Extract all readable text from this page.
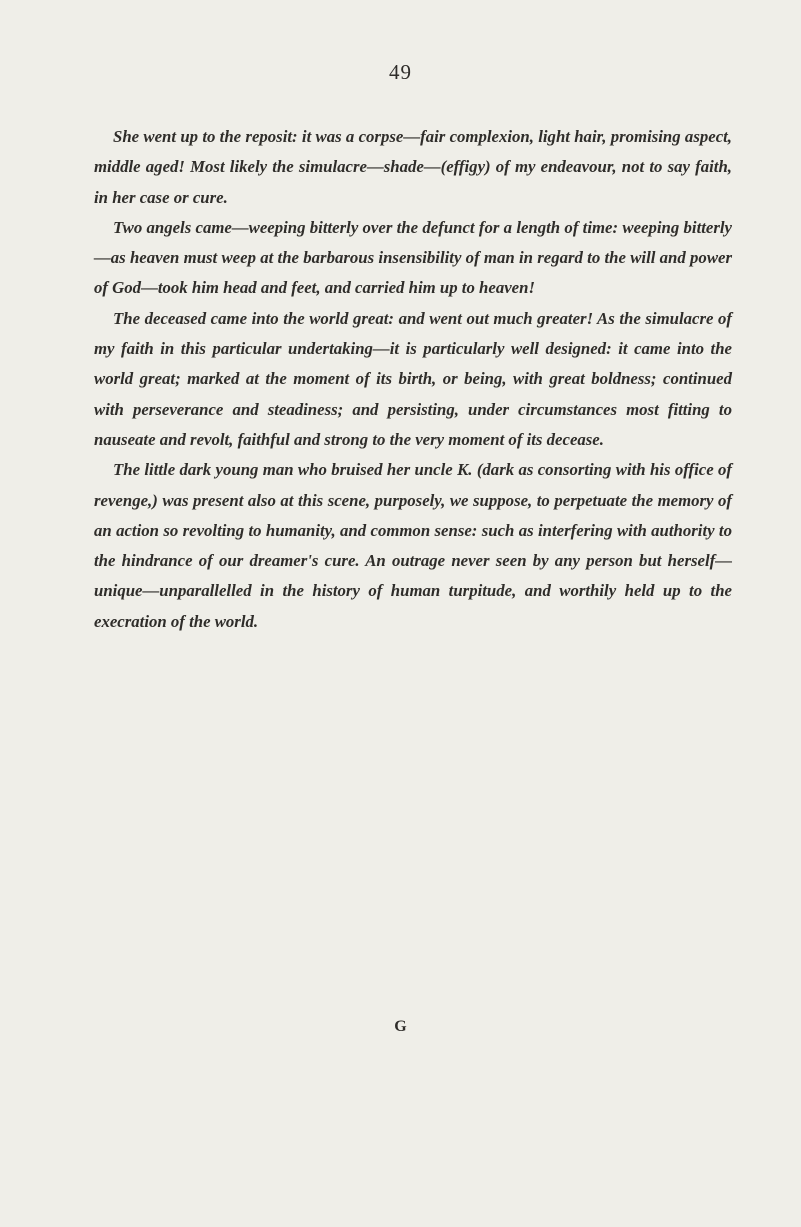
49

She went up to the reposit: it was a corpse—fair complexion, light hair, promising aspect, middle aged! Most likely the simulacre—shade—(effigy) of my endeavour, not to say faith, in her case or cure.

Two angels came—weeping bitterly over the defunct for a length of time: weeping bitterly—as heaven must weep at the barbarous insensibility of man in regard to the will and power of God—took him head and feet, and carried him up to heaven!

The deceased came into the world great: and went out much greater! As the simulacre of my faith in this particular undertaking—it is particularly well designed: it came into the world great; marked at the moment of its birth, or being, with great boldness; continued with perseverance and steadiness; and persisting, under circumstances most fitting to nauseate and revolt, faithful and strong to the very moment of its decease.

The little dark young man who bruised her uncle K. (dark as consorting with his office of revenge,) was present also at this scene, purposely, we suppose, to perpetuate the memory of an action so revolting to humanity, and common sense: such as interfering with authority to the hindrance of our dreamer's cure. An outrage never seen by any person but herself—unique—unparallelled in the history of human turpitude, and worthily held up to the execration of the world.

G
